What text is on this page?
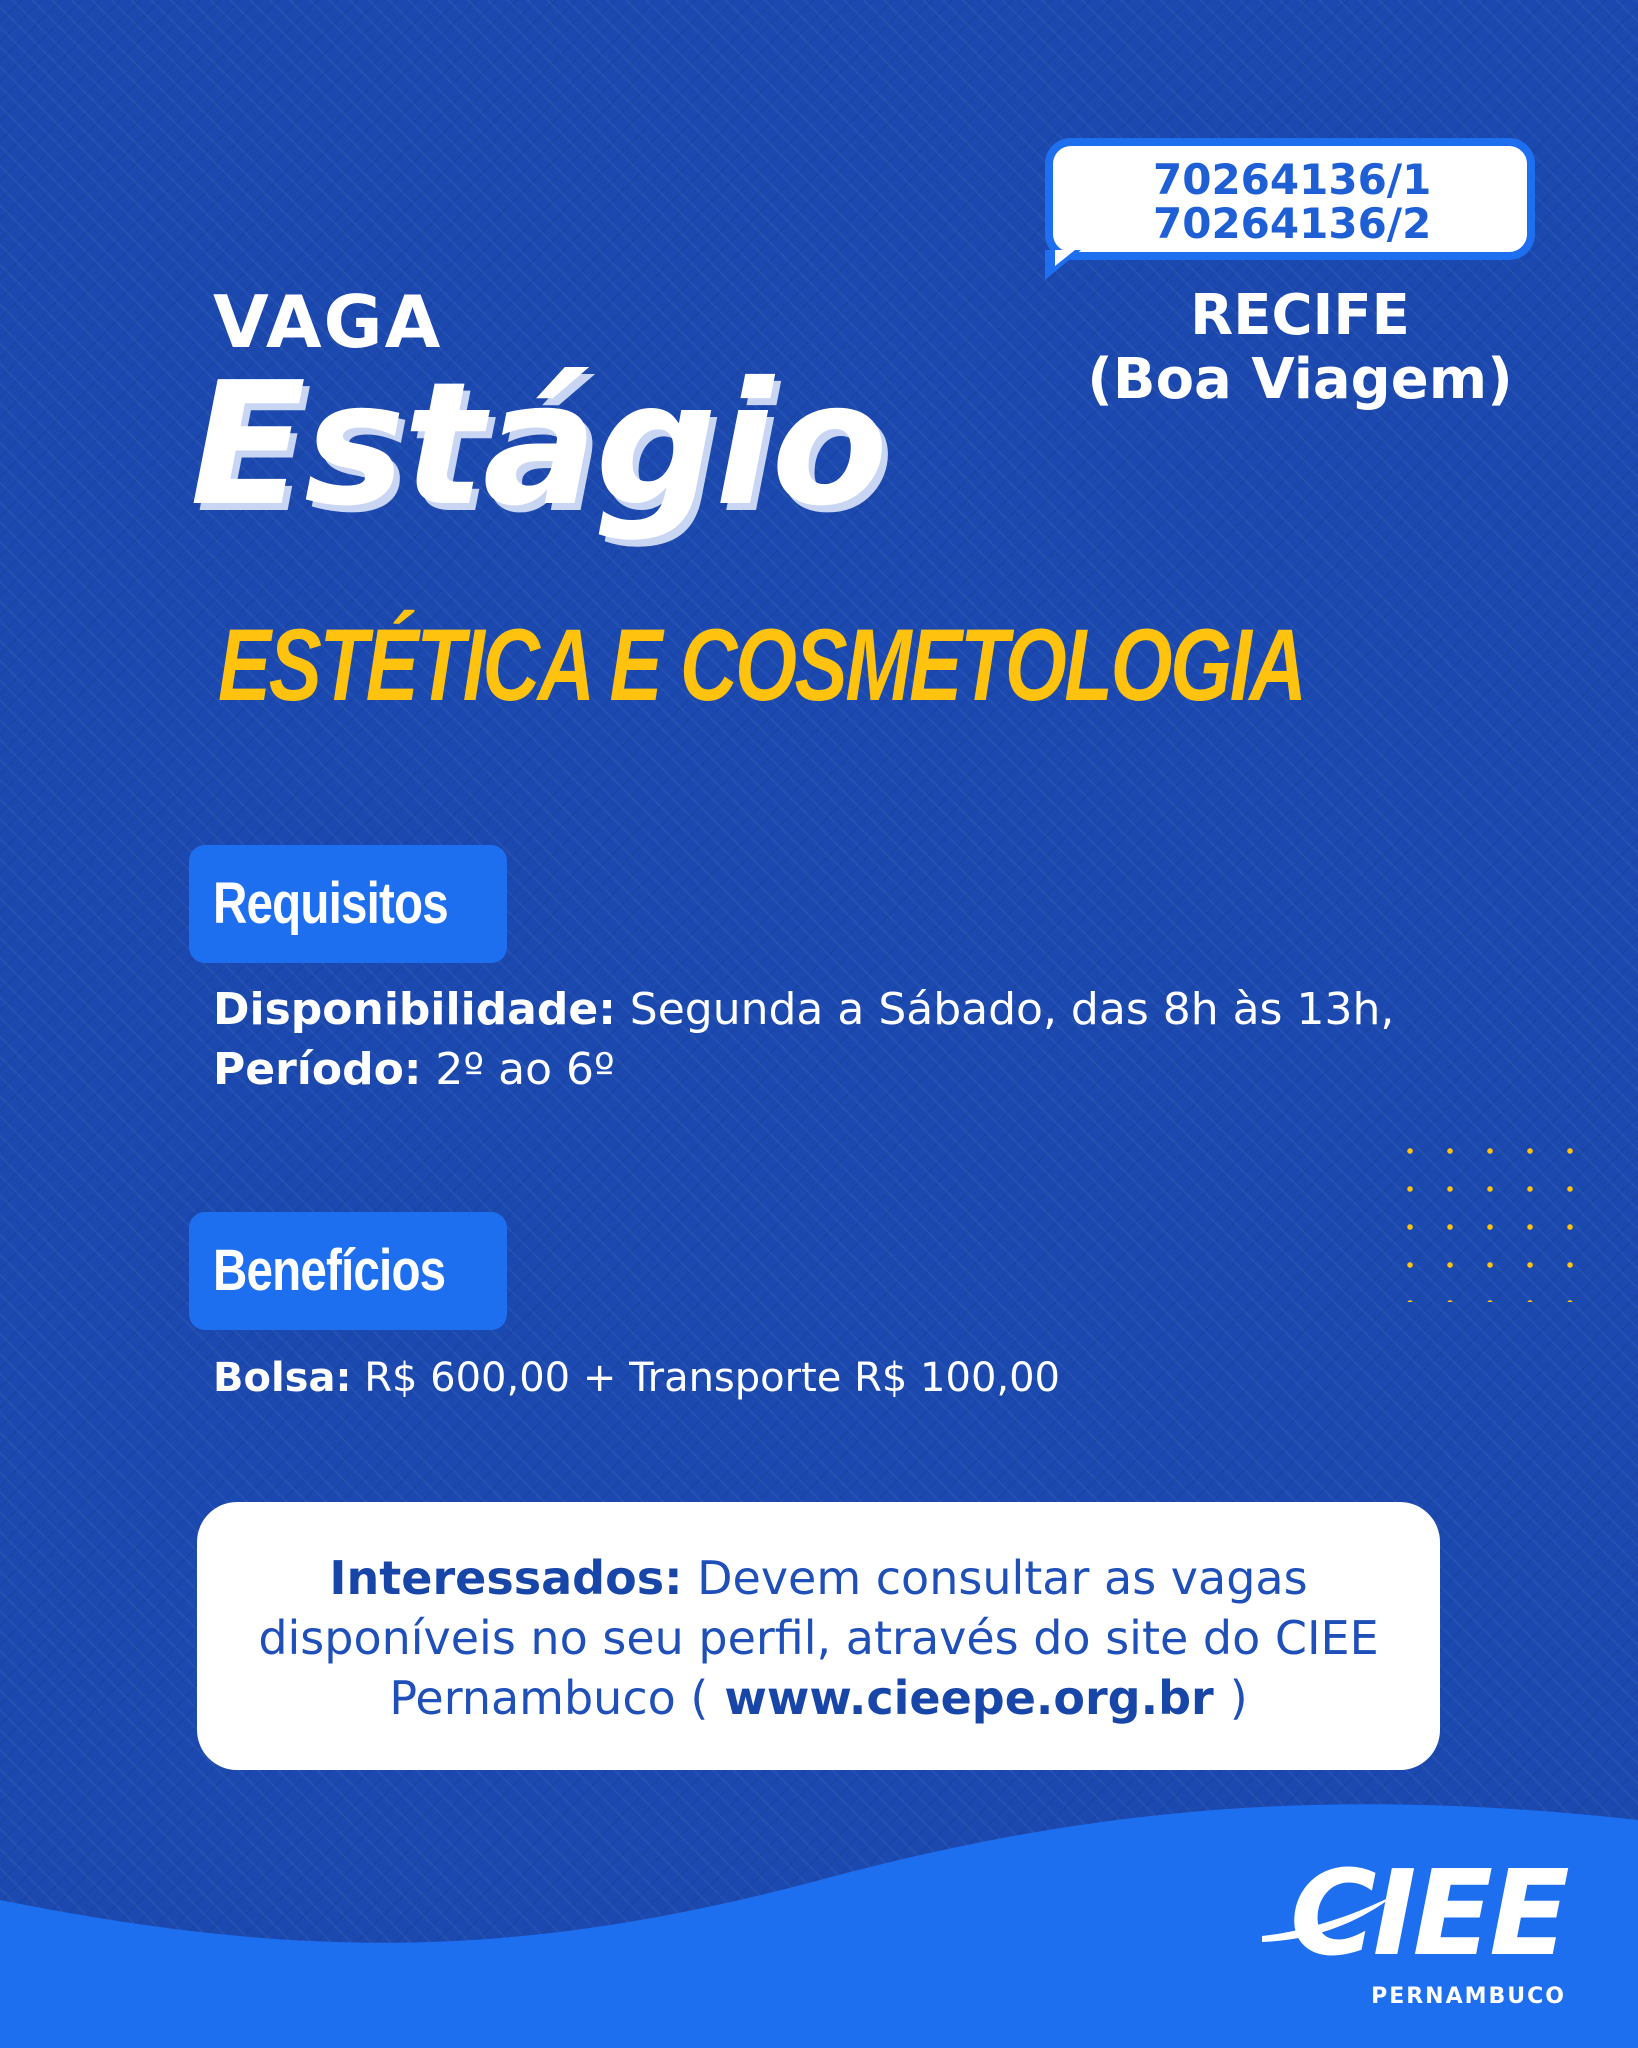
70264136/1
70264136/2
RECIFE
(Boa Viagem)
VAGA
Estágio
ESTÉTICA E COSMETOLOGIA
Requisitos
Disponibilidade: Segunda a Sábado, das 8h às 13h,
Período: 2º ao 6º
Benefícios
Bolsa: R$ 600,00 + Transporte R$ 100,00
Interessados: Devem consultar as vagas disponíveis no seu perfil, através do site do CIEE Pernambuco ( www.cieepe.org.br )
CIEE
PERNAMBUCO
